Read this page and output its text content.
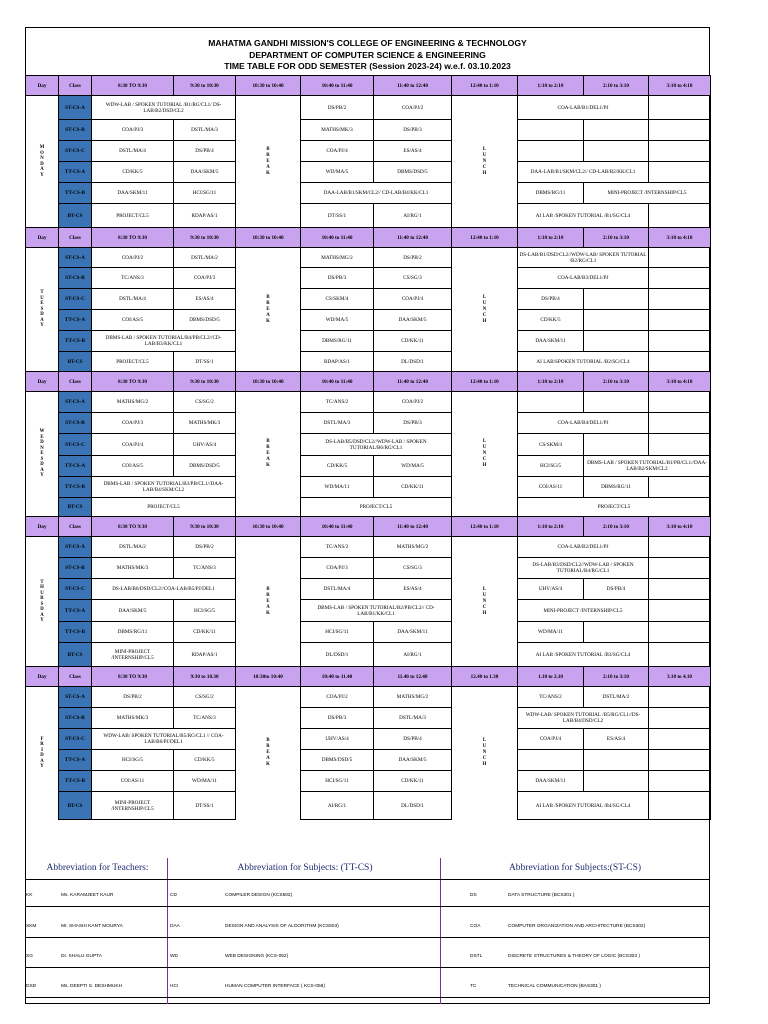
MAHATMA GANDHI MISSION'S COLLEGE OF ENGINEERING & TECHNOLOGY
DEPARTMENT OF COMPUTER SCIENCE & ENGINEERING
TIME TABLE FOR ODD SEMESTER (Session 2023-24) w.e.f. 03.10.2023
Day	Class	8:30 TO 9:30	9:30 to 10:30	10:30 to 10:40	10:40 to 11:40	11:40 to 12:40	12:40 to 1:10	1:10 to 2:10	2:10 to 3:10	3:10 to 4:10
M O N D A Y	ST-CS-A	WDW-LAB / SPOKEN TUTORIAL /B1/RG/CL1/ DS-LAB/B2/DSD/CL2		B R E A K	DS/PB/2	COA/PJ/2	L U N C H	COA-LAB/B1/DEL1/PJ		
	ST-CS-B	COA/PJ/3	DSTL/MA/3		MATHS/MK/3	DS/PB/3				
	ST-CS-C	DSTL/MA/4	DS/PB/4		COA/PJ/4	ES/AS/4				
	TT-CS-A	CD/KK/5	DAA/SKM/5		WD/MA/5	DBMS/DSD/5		DAA-LAB/B1/SKM/CL2// CD-LAB/B2/KK/CL1		
	TT-CS-B	DAA/SKM/11	HCI/SG/11		DAA-LAB/B1/SKM/CL2// CD-LAB/B4/KK/CL1			DBMS/RG/11	MINI-PROJECT /INTERNSHIP/CL5	
	BT-CS	PROJECT/CL5	RDAP/AS/1		DT/SS/1	AI/RG/1		AI LAB /SPOKEN TUTORIAL /B1/SG/CL4		
Day	Class	8:30 TO 9:30	9:30 to 10:30	10:30 to 10:40	10:40 to 11:40	11:40 to 12:40	12:40 to 1:10	1:10 to 2:10	2:10 to 3:10	3:10 to 4:10
T U E S D A Y	ST-CS-A	COA/PJ/2	DSTL/MA/2	B R E A K	MATHS/MG/2	DS/PB/2	L U N C H	DS-LAB/B1/DSD/CL2//WDW-LAB/ SPOKEN TUTORIAL /B2/RG/CL1		
	ST-CS-B	TC/ANS/3	COA/PJ/3		DS/PB/3	CS/SG/3		COA-LAB/B3/DEL1/PJ		
	ST-CS-C	DSTL/MA/4	ES/AS/4		CS/SKM/4	COA/PJ/4		DS/PB/4		
	TT-CS-A	COI/AS/5	DBMS/DSD/5		WD/MA/5	DAA/SKM/5		CD/KK/5		
	TT-CS-B	DBMS-LAB / SPOKEN TUTORIAL/B4/PB/CL2//CD-LAB/B3/KK/CL1			DBMS/RG/11	CD/KK/11		DAA/SKM/11		
	BT-CS	PROJECT/CL5	DT/SS/1		RDAP/AS/1	DL/DSD/1		AI LAB/SPOKEN TUTORIAL /B2/SG/CL4		
Day	Class	8:30 TO 9:30	9:30 to 10:30	10:30 to 10:40	10:40 to 11:40	11:40 to 12:40	12:40 to 1:10	1:10 to 2:10	2:10 to 3:10	3:10 to 4:10
W E D N E S D A Y	ST-CS-A	MATHS/MG/2	CS/SG/2	B R E A K	TC/ANS/2	COA/PJ/2	L U N C H			
	ST-CS-B	COA/PJ/3	MATHS/MK/3		DSTL/MA/3	DS/PB/3		COA-LAB/B4/DEL1/PJ		
	ST-CS-C	COA/PJ/4	UHV/AS/4		DS-LAB/B5/DSD/CL2//WDW-LAB / SPOKEN TUTORIAL/B6/RG/CL1			CS/SKM/4		
	TT-CS-A	COI/AS/5	DBMS/DSD/5		CD/KK/5	WD/MA/5		HCI/SG/5	DBMS-LAB / SPOKEN TUTORIAL/B1/PB/CL1//DAA-LAB/B2/SKM/CL2	
	TT-CS-B	DBMS-LAB / SPOKEN TUTORIAL/B3/PB/CL1//DAA-LAB/B4/SKM/CL2			WD/MA/11	CD/KK/11		COI/AS/11	DBMS/RG/11	
	BT-CS	PROJECT/CL5			PROJECT/CL5			PROJECT/CL5		
Day	Class	8:30 TO 9:30	9:30 to 10:30	10:30 to 10:40	10:40 to 11:40	11:40 to 12:40	12:40 to 1:10	1:10 to 2:10	2:10 to 3:10	3:10 to 4:10
T H U R S D A Y	ST-CS-A	DSTL/MA/2	DS/PB/2	B R E A K	TC/ANS/2	MATHS/MG/2	L U N C H	COA-LAB/B2/DEL1/PJ		
	ST-CS-B	MATHS/MK/3	TC/ANS/3		COA/PJ/3	CS/SG/3		DS-LAB/B3/DSD/CL2//WDW-LAB / SPOKEN TUTORIAL/B4/RG/CL1		
	ST-CS-C	DS-LAB/B6/DSD/CL2//COA-LAB/B5/PJ/DEL1			DSTL/MA/4	ES/AS/4		UHV/AS/4	DS/PB/4	
	TT-CS-A	DAA/SKM/5	HCI/SG/5		DBMS-LAB / SPOKEN TUTORIAL/B2/PB/CL2// CD-LAB/B1/KK/CL1			MINI-PROJECT /INTERNSHIP/CL5		
	TT-CS-B	DBMS/RG/11	CD/KK/11		HCI/SG/11	DAA/SKM/11		WD/MA/11		
	BT-CS	MINI-PROJECT /INTERNSHIP/CL5	RDAP/AS/1		DL/DSD/1	AI/RG/1		AI LAB /SPOKEN TUTORIAL /B3/SG/CL4		
Day	Class	8:30 TO 9:30	9:30 to 10.30	10:30to 10:40	10:40 to 11.40	11.40 to 12.40	12.40 to 1.30	1.10 to 2.10	2:10 to 3:10	3.10 to 4.10
F R I D A Y	ST-CS-A	DS/PB/2	CS/SG/2	B R E A K	COA/PJ/2	MATHS/MG/2	L U N C H	TC/ANS/2	DSTL/MA/2	
	ST-CS-B	MATHS/MK/3	TC/ANS/3		DS/PB/3	DSTL/MA/3		WDW-LAB/ SPOKEN TUTORIAL /B5/RG/CL1//DS-LAB/B4/DSD/CL2		
	ST-CS-C	WDW-LAB/ SPOKEN TUTORIAL/B5/RG/CL1 // COA-LAB/B6/PJ/DEL1			UHV/AS/4	DS/PB/4		COA/PJ/4	ES/AS/4	
	TT-CS-A	HCI/SG/5	CD/KK/5		DBMS/DSD/5	DAA/SKM/5				
	TT-CS-B	COI/AS/11	WD/MA/11		HCI/SG/11	CD/KK/11		DAA/SKM/11		
	BT-CS	MINI-PROJECT /INTERNSHIP/CL5	DT/SS/1		AI/RG/1	DL/DSD/1		AI LAB /SPOKEN TUTORIAL /B4/SG/CL4		
Abbreviation for Teachers:	Abbreviation for Subjects: (TT-CS)	Abbreviation for Subjects:(ST-CS)
KK	Ms. KARAMJEET KAUR	CD	COMPILER DESIGN (KCS502)	DS	DATA STRUCTURE (BCS301 )
SKM	Mr. SHASHI KANT MOURYA	DAA	DESIGN AND ANALYSIS OF ALGORITHM (KCS503)	COA	COMPUTER ORGANIZATION AND ARCHITECTURE (BCS302)
SG	Dr. SHALU GUPTA	WD	WEB DESIGNING (KCS-052)	DSTL	DISCRETE STRUCTURES & THEORY OF LOGIC (BCS303 )
DSD	Ms. DEEPTI S. DESHMUKH	HCI	HUMAN COMPUTER INTERFACE ( KCS-058)	TC	TECHNICAL COMMUNICATION (BAS301 )
